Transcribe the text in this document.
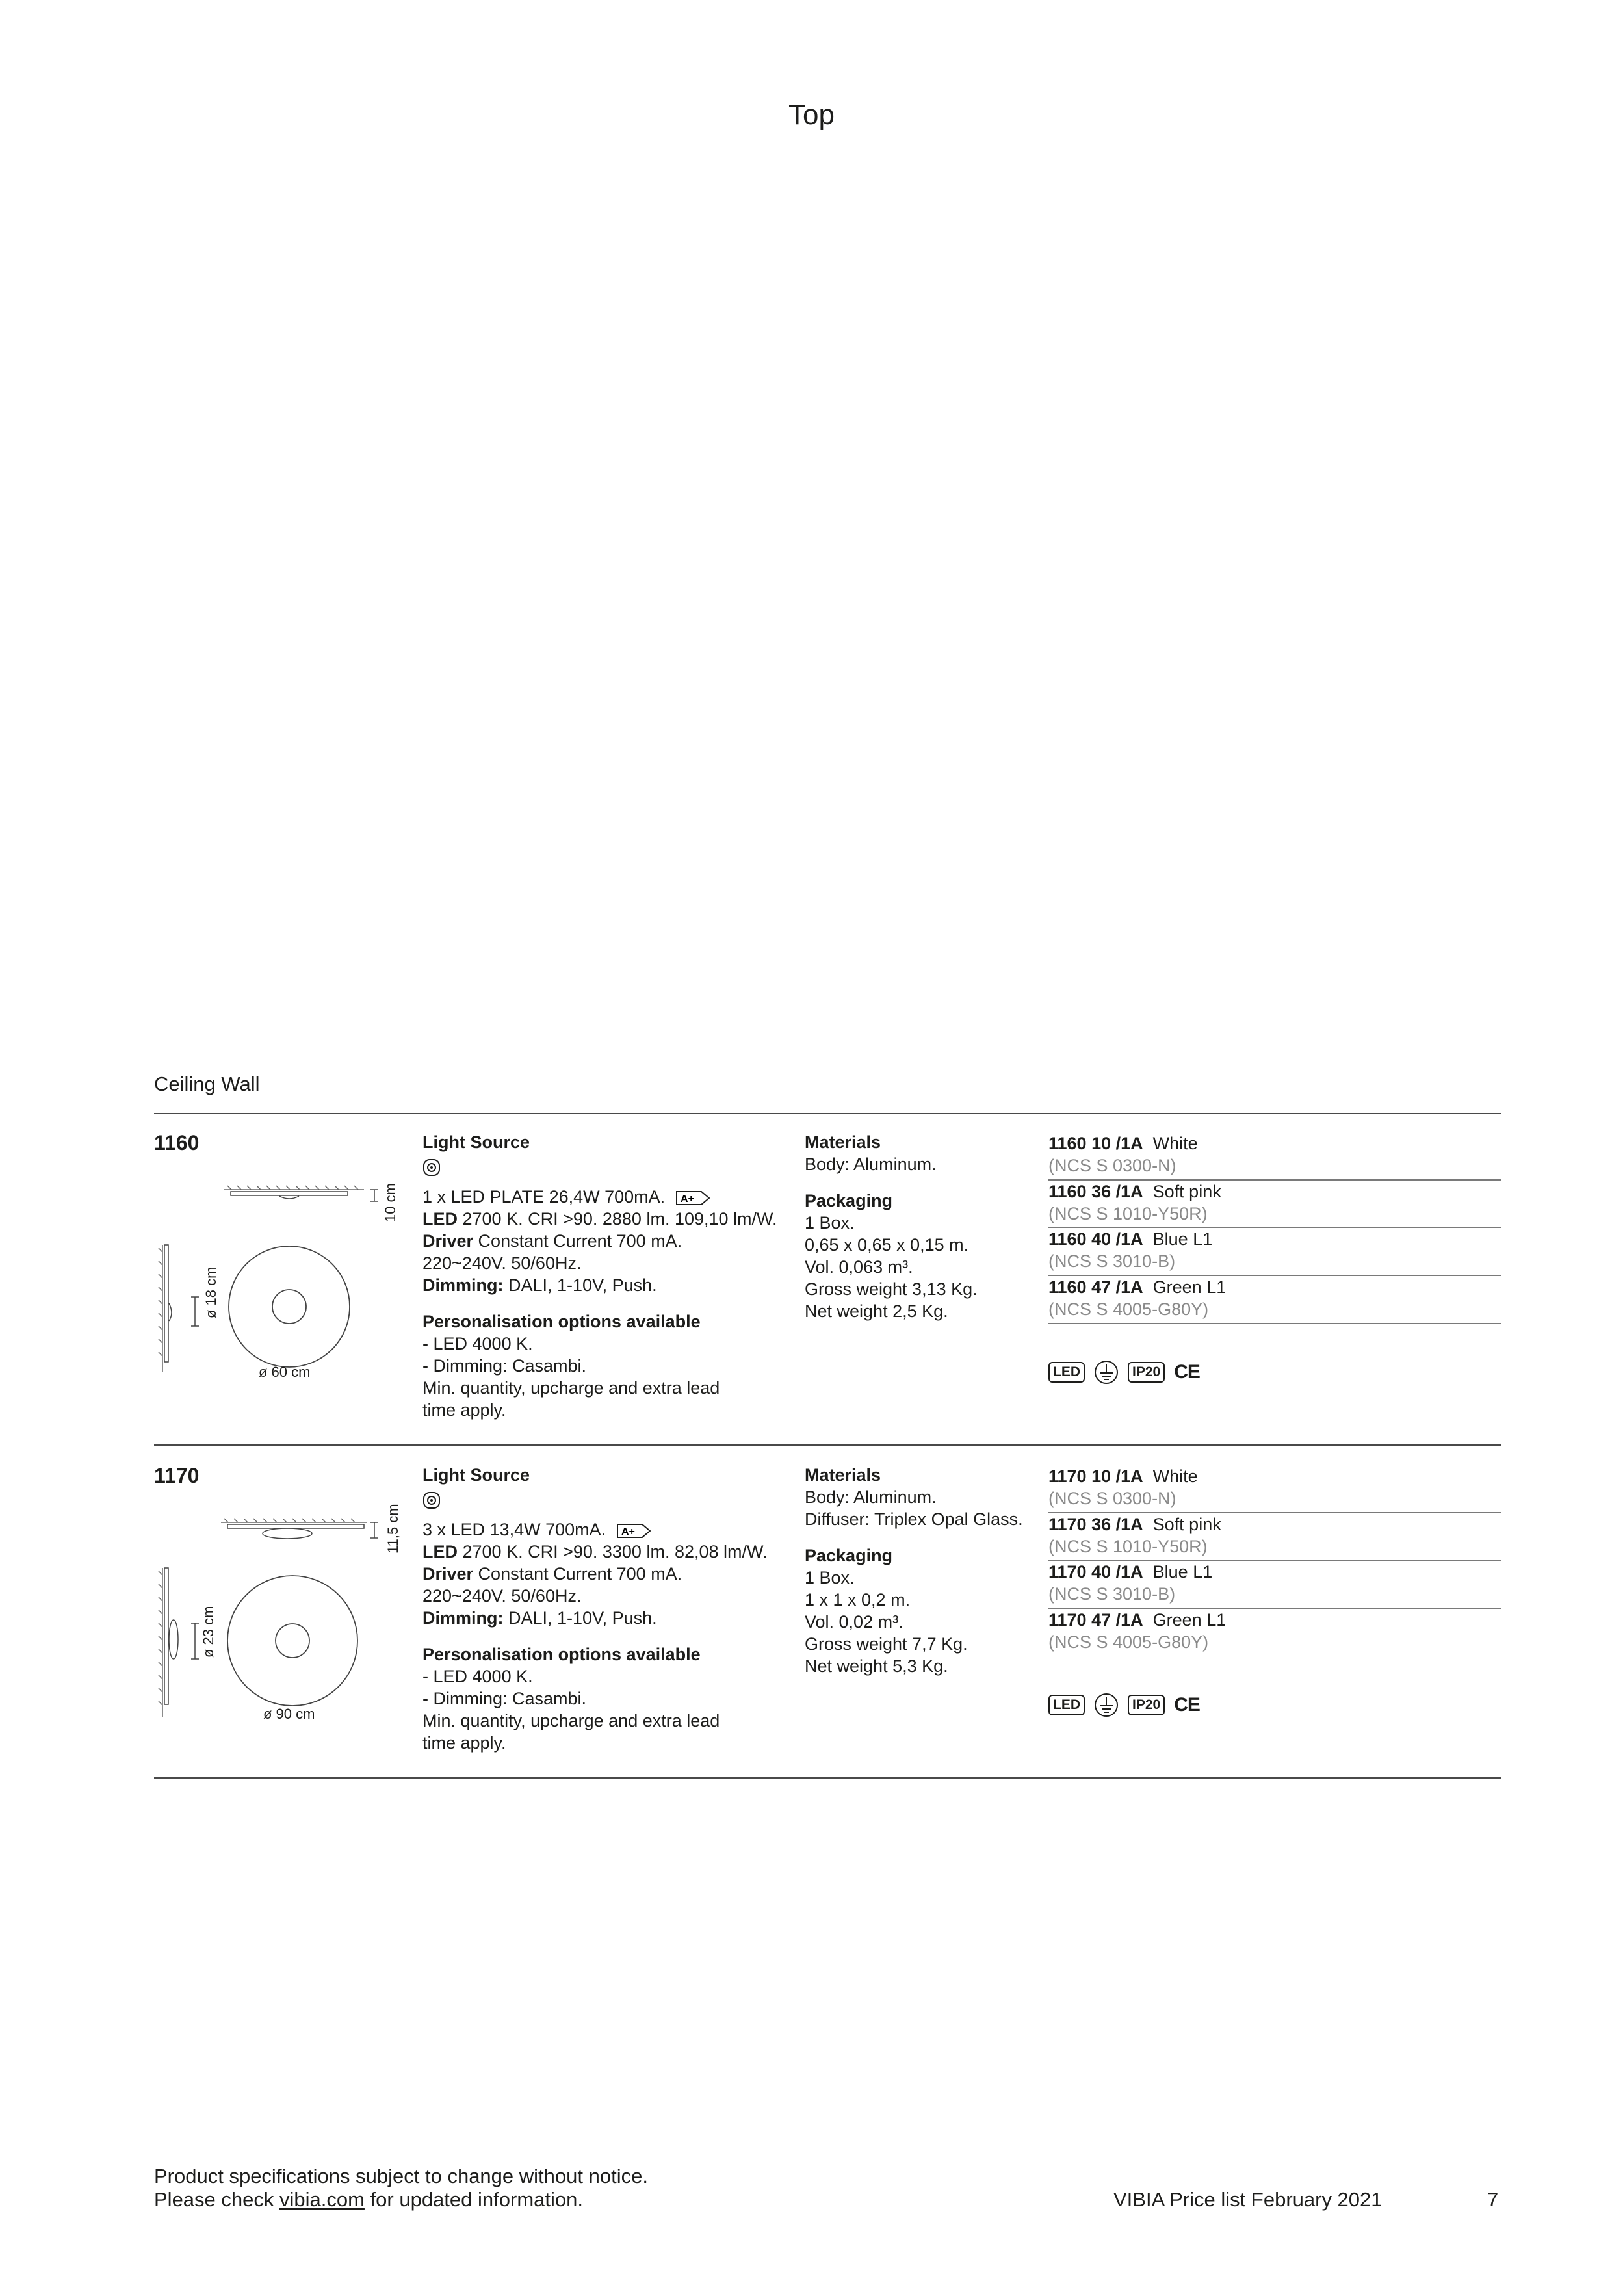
Top
Ceiling Wall
1160
10 cm
ø 18 cm
ø 60 cm
Light Source
1 x LED PLATE 26,4W 700mA. A+
LED 2700 K. CRI >90. 2880 lm. 109,10 lm/W.
Driver Constant Current 700 mA.
220~240V. 50/60Hz.
Dimming: DALI, 1-10V, Push.
Personalisation options available
- LED 4000 K.
- Dimming: Casambi.
Min. quantity, upcharge and extra lead
time apply.
Materials
Body: Aluminum.
Packaging
1 Box.
0,65 x 0,65 x 0,15 m.
Vol. 0,063 m³.
Gross weight 3,13 Kg.
Net weight 2,5 Kg.
1160 10 /1A White
(NCS S 0300-N)
1160 36 /1A Soft pink
(NCS S 1010-Y50R)
1160 40 /1A Blue L1
(NCS S 3010-B)
1160 47 /1A Green L1
(NCS S 4005-G80Y)
LED	IP20 CE
1170
11,5 cm
ø 23 cm
ø 90 cm
Light Source
3 x LED 13,4W 700mA. A+
LED 2700 K. CRI >90. 3300 lm. 82,08 lm/W.
Driver Constant Current 700 mA.
220~240V. 50/60Hz.
Dimming: DALI, 1-10V, Push.
Personalisation options available
- LED 4000 K.
- Dimming: Casambi.
Min. quantity, upcharge and extra lead
time apply.
Materials
Body: Aluminum.
Diffuser: Triplex Opal Glass.
Packaging
1 Box.
1 x 1 x 0,2 m.
Vol. 0,02 m³.
Gross weight 7,7 Kg.
Net weight 5,3 Kg.
1170 10 /1A White
(NCS S 0300-N)
1170 36 /1A Soft pink
(NCS S 1010-Y50R)
1170 40 /1A Blue L1
(NCS S 3010-B)
1170 47 /1A Green L1
(NCS S 4005-G80Y)
LED	IP20 CE
Product specifications subject to change without notice.
Please check vibia.com for updated information.	VIBIA Price list February 2021	7
